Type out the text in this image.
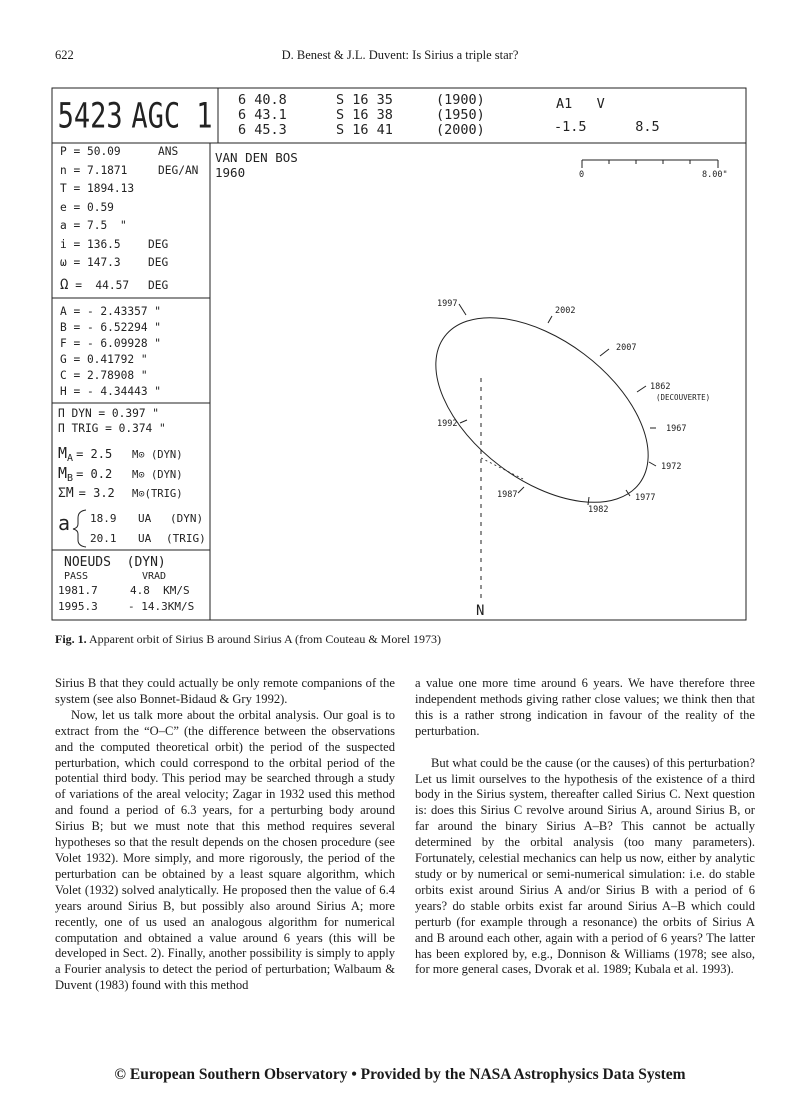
622	D. Benest & J.L. Duvent: Is Sirius a triple star?
5423 AGC 1 6 40.8	S 16 35	(1900)
6 43.1	S 16 38	(1950)
6 45.3	S 16 41	(2000)
A1   V
-1.5      8.5
VAN DEN BOS
1960	0	8.00"
P = 50.09	ANS
n = 7.1871	DEG/AN
T = 1894.13
e = 0.59
a = 7.5 "
i = 136.5 DEG
ω = 147.3 DEG
Ω =  44.57 DEG
A = - 2.43357 "
B = - 6.52294 "
F = - 6.09928 "
G = 0.41792 "
C = 2.78908 "
H = - 4.34443 "
Π DYN = 0.397 "
Π TRIG = 0.374 "
$M_A = 2.5$ M⊙ (DYN)
$M_B = 0.2$ M⊙ (DYN)
ΣM = 3.2 M⊙(TRIG)
a 18.9 UA (DYN)
20.1 UA (TRIG)
NOEUDS  (DYN)
PASS	VRAD
1981.7	4.8  KM/S
1995.3	- 14.3KM/S	N
1997
2002
2007
1862
(DECOUVERTE)
1967
1972
1977
1982
1987
1992
Fig. 1. Apparent orbit of Sirius B around Sirius A (from Couteau & Morel 1973)

Sirius B that they could actually be only remote companions of the system (see also Bonnet-Bidaud & Gry 1992).

Now, let us talk more about the orbital analysis. Our goal is to extract from the “O–C” (the difference between the observations and the computed theoretical orbit) the period of the suspected perturbation, which could correspond to the orbital period of the potential third body. This period may be searched through a study of variations of the areal velocity; Zagar in 1932 used this method and found a period of 6.3 years, for a perturbing body around Sirius B; but we must note that this method requires several hypotheses so that the result depends on the chosen procedure (see Volet 1932). More simply, and more rigorously, the period of the perturbation can be obtained by a least square algorithm, which Volet (1932) solved analytically. He proposed then the value of 6.4 years around Sirius B, but possibly also around Sirius A; more recently, one of us used an analogous algorithm for numerical computation and obtained a value around 6 years (this will be developed in Sect. 2). Finally, another possibility is simply to apply a Fourier analysis to detect the period of perturbation; Walbaum & Duvent (1983) found with this method

a value one more time around 6 years. We have therefore three independent methods giving rather close values; we think then that this is a rather strong indication in favour of the reality of the perturbation.

But what could be the cause (or the causes) of this perturbation? Let us limit ourselves to the hypothesis of the existence of a third body in the Sirius system, thereafter called Sirius C. Next question is: does this Sirius C revolve around Sirius A, around Sirius B, or far around the binary Sirius A–B? This cannot be actually determined by the orbital analysis (too many parameters). Fortunately, celestial mechanics can help us now, either by analytic study or by numerical or semi-numerical simulation: i.e. do stable orbits exist around Sirius A and/or Sirius B with a period of 6 years? do stable orbits exist far around Sirius A–B which could perturb (for example through a resonance) the orbits of Sirius A and B around each other, again with a period of 6 years? The latter has been explored by, e.g., Donnison & Williams (1978; see also, for more general cases, Dvorak et al. 1989; Kubala et al. 1993).

© European Southern Observatory • Provided by the NASA Astrophysics Data System
